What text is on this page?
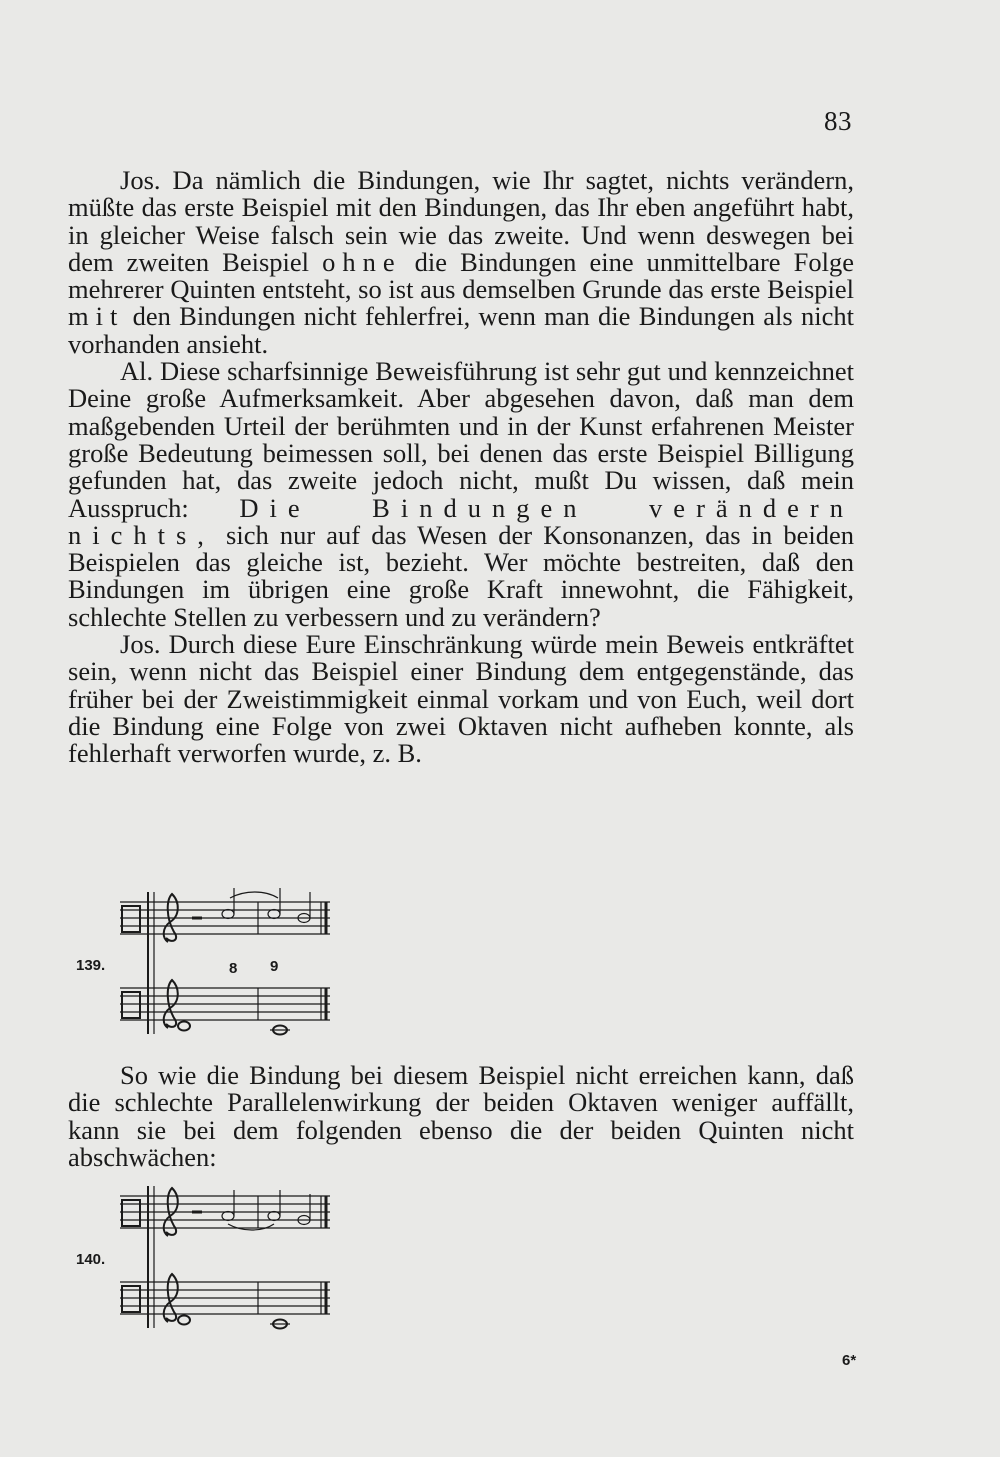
83

Jos. Da nämlich die Bindungen, wie Ihr sagtet, nichts verändern, müßte das erste Beispiel mit den Bindungen, das Ihr eben angeführt habt, in gleicher Weise falsch sein wie das zweite. Und wenn deswegen bei dem zweiten Beispiel ohne die Bindungen eine unmittelbare Folge mehrerer Quinten entsteht, so ist aus demselben Grunde das erste Beispiel mit den Bindungen nicht fehlerfrei, wenn man die Bindungen als nicht vorhanden ansieht.

Al. Diese scharfsinnige Beweisführung ist sehr gut und kennzeichnet Deine große Aufmerksamkeit. Aber abgesehen davon, daß man dem maßgebenden Urteil der berühmten und in der Kunst erfahrenen Meister große Bedeutung beimessen soll, bei denen das erste Beispiel Billigung gefunden hat, das zweite jedoch nicht, mußt Du wissen, daß mein Ausspruch: Die Bindungen verändern nichts, sich nur auf das Wesen der Konsonanzen, das in beiden Beispielen das gleiche ist, bezieht. Wer möchte bestreiten, daß den Bindungen im übrigen eine große Kraft innewohnt, die Fähigkeit, schlechte Stellen zu verbessern und zu verändern?

Jos. Durch diese Eure Einschränkung würde mein Beweis entkräftet sein, wenn nicht das Beispiel einer Bindung dem entgegenstände, das früher bei der Zweistimmigkeit einmal vorkam und von Euch, weil dort die Bindung eine Folge von zwei Oktaven nicht aufheben konnte, als fehlerhaft verworfen wurde, z. B.

139.	8 9

So wie die Bindung bei diesem Beispiel nicht erreichen kann, daß die schlechte Parallelenwirkung der beiden Oktaven weniger auffällt, kann sie bei dem folgenden ebenso die der beiden Quinten nicht abschwächen:

140.
6*
